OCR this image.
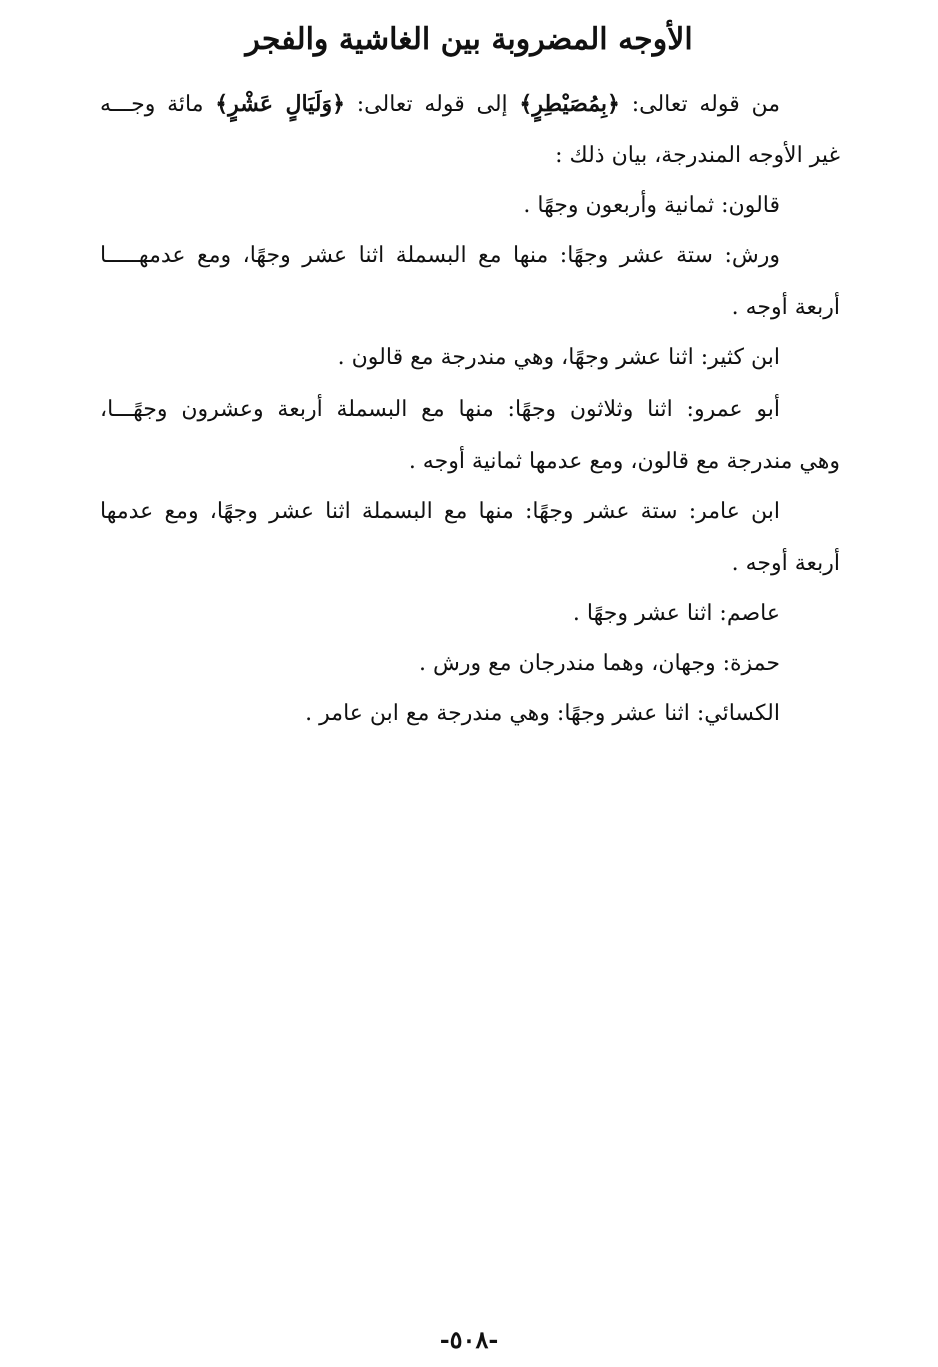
الأوجه المضروبة بين الغاشية والفجر
من قوله تعالى: ﴿بِمُصَيْطِرٍ﴾ إلى قوله تعالى: ﴿وَلَيَالٍ عَشْرٍ﴾ مائة وجـــه
غير الأوجه المندرجة، بيان ذلك :
قالون: ثمانية وأربعون وجهًا .
ورش: ستة عشر وجهًا: منها مع البسملة اثنا عشر وجهًا، ومع عدمهـــــا
أربعة أوجه .
ابن كثير: اثنا عشر وجهًا، وهي مندرجة مع قالون .
أبو عمرو: اثنا وثلاثون وجهًا: منها مع البسملة أربعة وعشرون وجهًـــا،
وهي مندرجة مع قالون، ومع عدمها ثمانية أوجه .
ابن عامر: ستة عشر وجهًا: منها مع البسملة اثنا عشر وجهًا، ومع عدمها
أربعة أوجه .
عاصم: اثنا عشر وجهًا .
حمزة: وجهان، وهما مندرجان مع ورش .
الكسائي: اثنا عشر وجهًا: وهي مندرجة مع ابن عامر .
-٥٠٨-
